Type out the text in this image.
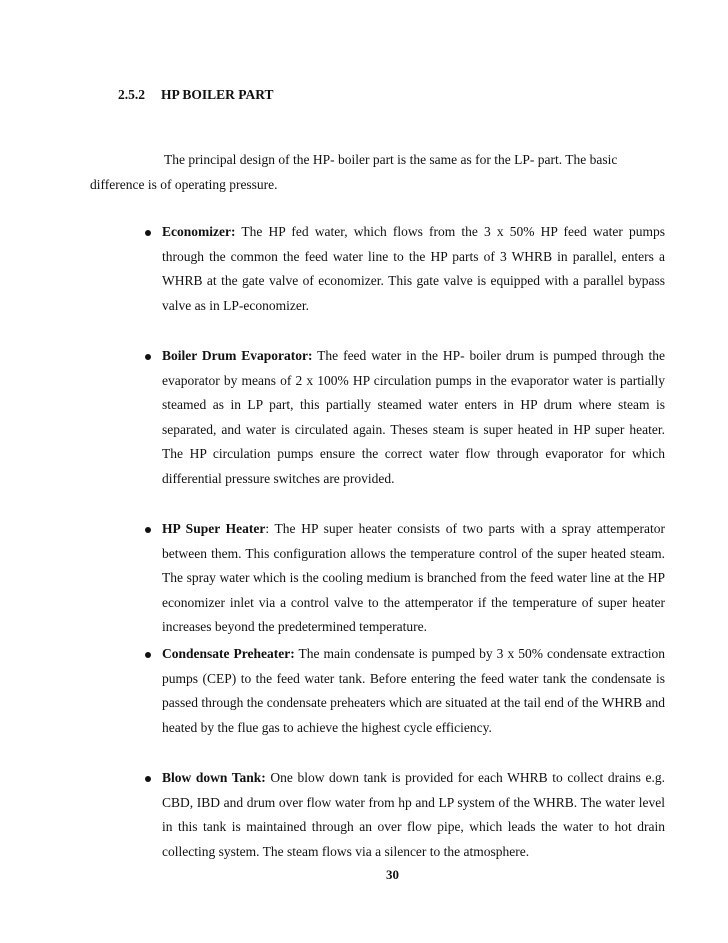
2.5.2 HP BOILER PART
The principal design of the HP- boiler part is the same as for the LP- part. The basic
difference is of operating pressure.
Economizer: The HP fed water, which flows from the 3 x 50% HP feed water pumps through the common the feed water line to the HP parts of 3 WHRB in parallel, enters a WHRB at the gate valve of economizer. This gate valve is equipped with a parallel bypass valve as in LP-economizer.
Boiler Drum Evaporator: The feed water in the HP- boiler drum is pumped through the evaporator by means of 2 x 100% HP circulation pumps in the evaporator water is partially steamed as in LP part, this partially steamed water enters in HP drum where steam is separated, and water is circulated again. Theses steam is super heated in HP super heater. The HP circulation pumps ensure the correct water flow through evaporator for which differential pressure switches are provided.
HP Super Heater: The HP super heater consists of two parts with a spray attemperator between them. This configuration allows the temperature control of the super heated steam. The spray water which is the cooling medium is branched from the feed water line at the HP economizer inlet via a control valve to the attemperator if the temperature of super heater increases beyond the predetermined temperature.
Condensate Preheater: The main condensate is pumped by 3 x 50% condensate extraction pumps (CEP) to the feed water tank. Before entering the feed water tank the condensate is passed through the condensate preheaters which are situated at the tail end of the WHRB and heated by the flue gas to achieve the highest cycle efficiency.
Blow down Tank: One blow down tank is provided for each WHRB to collect drains e.g. CBD, IBD and drum over flow water from hp and LP system of the WHRB. The water level in this tank is maintained through an over flow pipe, which leads the water to hot drain collecting system. The steam flows via a silencer to the atmosphere.
30
